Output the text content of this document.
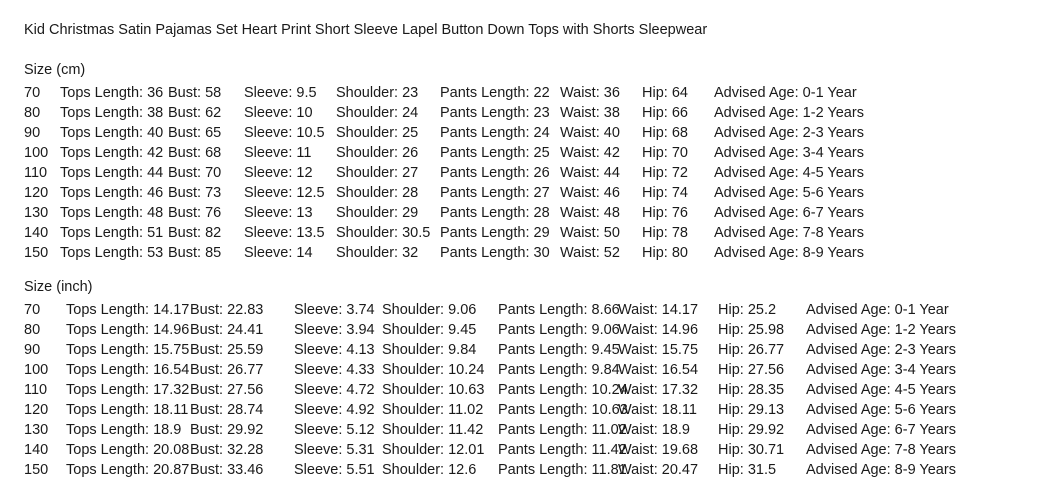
Kid Christmas Satin Pajamas Set Heart Print Short Sleeve Lapel Button Down Tops with Shorts Sleepwear
Size (cm)
70 Tops Length: 36 Bust: 58 Sleeve: 9.5 Shoulder: 23 Pants Length: 22 Waist: 36 Hip: 64 Advised Age: 0-1 Year
80 Tops Length: 38 Bust: 62 Sleeve: 10 Shoulder: 24 Pants Length: 23 Waist: 38 Hip: 66 Advised Age: 1-2 Years
90 Tops Length: 40 Bust: 65 Sleeve: 10.5 Shoulder: 25 Pants Length: 24 Waist: 40 Hip: 68 Advised Age: 2-3 Years
100 Tops Length: 42 Bust: 68 Sleeve: 11 Shoulder: 26 Pants Length: 25 Waist: 42 Hip: 70 Advised Age: 3-4 Years
110 Tops Length: 44 Bust: 70 Sleeve: 12 Shoulder: 27 Pants Length: 26 Waist: 44 Hip: 72 Advised Age: 4-5 Years
120 Tops Length: 46 Bust: 73 Sleeve: 12.5 Shoulder: 28 Pants Length: 27 Waist: 46 Hip: 74 Advised Age: 5-6 Years
130 Tops Length: 48 Bust: 76 Sleeve: 13 Shoulder: 29 Pants Length: 28 Waist: 48 Hip: 76 Advised Age: 6-7 Years
140 Tops Length: 51 Bust: 82 Sleeve: 13.5 Shoulder: 30.5 Pants Length: 29 Waist: 50 Hip: 78 Advised Age: 7-8 Years
150 Tops Length: 53 Bust: 85 Sleeve: 14 Shoulder: 32 Pants Length: 30 Waist: 52 Hip: 80 Advised Age: 8-9 Years
Size (inch)
70 Tops Length: 14.17Bust: 22.83 Sleeve: 3.74 Shoulder: 9.06 Pants Length: 8.66Waist: 14.17 Hip: 25.2 Advised Age: 0-1 Year
80 Tops Length: 14.96Bust: 24.41 Sleeve: 3.94 Shoulder: 9.45 Pants Length: 9.06Waist: 14.96 Hip: 25.98 Advised Age: 1-2 Years
90 Tops Length: 15.75Bust: 25.59 Sleeve: 4.13 Shoulder: 9.84 Pants Length: 9.45Waist: 15.75 Hip: 26.77 Advised Age: 2-3 Years
100 Tops Length: 16.54Bust: 26.77 Sleeve: 4.33 Shoulder: 10.24 Pants Length: 9.84Waist: 16.54 Hip: 27.56 Advised Age: 3-4 Years
110 Tops Length: 17.32Bust: 27.56 Sleeve: 4.72 Shoulder: 10.63 Pants Length: 10.24Waist: 17.32 Hip: 28.35 Advised Age: 4-5 Years
120 Tops Length: 18.11 Bust: 28.74 Sleeve: 4.92 Shoulder: 11.02 Pants Length: 10.63Waist: 18.11 Hip: 29.13 Advised Age: 5-6 Years
130 Tops Length: 18.9 Bust: 29.92 Sleeve: 5.12 Shoulder: 11.42 Pants Length: 11.02Waist: 18.9 Hip: 29.92 Advised Age: 6-7 Years
140 Tops Length: 20.08Bust: 32.28 Sleeve: 5.31 Shoulder: 12.01 Pants Length: 11.42Waist: 19.68 Hip: 30.71 Advised Age: 7-8 Years
150 Tops Length: 20.87Bust: 33.46 Sleeve: 5.51 Shoulder: 12.6 Pants Length: 11.81Waist: 20.47 Hip: 31.5 Advised Age: 8-9 Years
